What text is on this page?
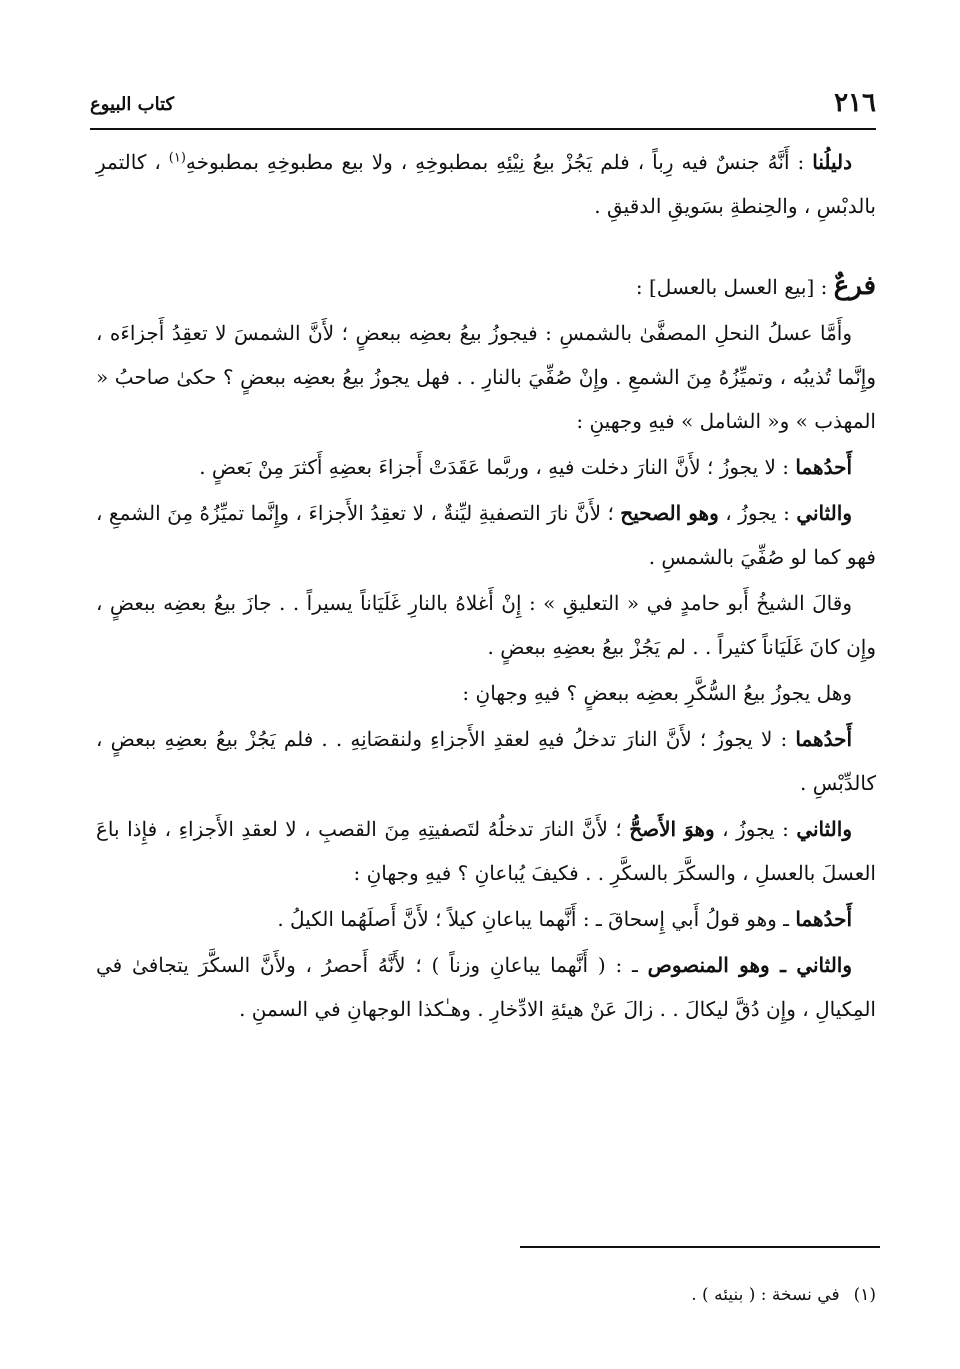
٢١٦
كتاب البيوع

دليلُنا : أَنَّهُ جنسٌ فيه رِباً ، فلم يَجُزْ بيعُ نِيْئِهِ بمطبوخِهِ ، ولا بيع مطبوخِهِ بمطبوخهِ$^{(١)}$ ، كالتمرِ بالدبْسِ ، والحِنطةِ بسَويقِ الدقيقِ .

فرعٌ : [بيع العسل بالعسل] :

وأَمَّا عسلُ النحلِ المصفَّىٰ بالشمسِ : فيجوزُ بيعُ بعضِه ببعضٍ ؛ لأَنَّ الشمسَ لا تعقِدُ أَجزاءَه ، وإِنَّما تُذيبُه ، وتميِّزُهُ مِنَ الشمعِ . وإِنْ صُفِّيَ بالنارِ . . فهل يجوزُ بيعُ بعضِه ببعضٍ ؟ حكىٰ صاحبُ « المهذب » و« الشامل » فيهِ وجهينِ :

أَحدُهما : لا يجوزُ ؛ لأَنَّ النارَ دخلت فيهِ ، وربَّما عَقَدَتْ أَجزاءَ بعضِهِ أَكثرَ مِنْ بَعضٍ .

والثاني : يجوزُ ، وهو الصحيح ؛ لأَنَّ نارَ التصفيةِ ليِّنةٌ ، لا تعقِدُ الأَجزاءَ ، وإِنَّما تميِّزُهُ مِنَ الشمعِ ، فهو كما لو صُفِّيَ بالشمسِ .

وقالَ الشيخُ أَبو حامدٍ في « التعليقِ » : إِنْ أَغلاهُ بالنارِ غَلَيَاناً يسيراً . . جازَ بيعُ بعضِه ببعضٍ ، وإِن كانَ غَلَيَاناً كثيراً . . لم يَجُزْ بيعُ بعضِهِ ببعضٍ .

وهل يجوزُ بيعُ السُّكَّرِ بعضِه ببعضٍ ؟ فيهِ وجهانِ :

أَحدُهما : لا يجوزُ ؛ لأَنَّ النارَ تدخلُ فيهِ لعقدِ الأَجزاءِ ولنقصَانِهِ . . فلم يَجُزْ بيعُ بعضِهِ ببعضٍ ، كالدِّبْسِ .

والثاني : يجوزُ ، وهوَ الأَصحُّ ؛ لأَنَّ النارَ تدخلُهُ لتَصفيتِهِ مِنَ القصبِ ، لا لعقدِ الأَجزاءِ ، فإِذا باعَ العسلَ بالعسلِ ، والسكَّرَ بالسكَّرِ . . فكيفَ يُباعانِ ؟ فيهِ وجهانِ :

أَحدُهما ـ وهو قولُ أَبي إِسحاقَ ـ : أَنَّهما يباعانِ كيلاً ؛ لأَنَّ أَصلَهُما الكيلُ .

والثاني ـ وهو المنصوص ـ : ( أَنَّهما يباعانِ وزناً ) ؛ لأَنَّهُ أَحصرُ ، ولأَنَّ السكَّرَ يتجافىٰ في المِكيالِ ، وإِن دُقَّ ليكالَ . . زالَ عَنْ هيئةِ الادِّخارِ . وهـٰكذا الوجهانِ في السمنِ .

(١)في نسخة : ( بنيئه ) .
